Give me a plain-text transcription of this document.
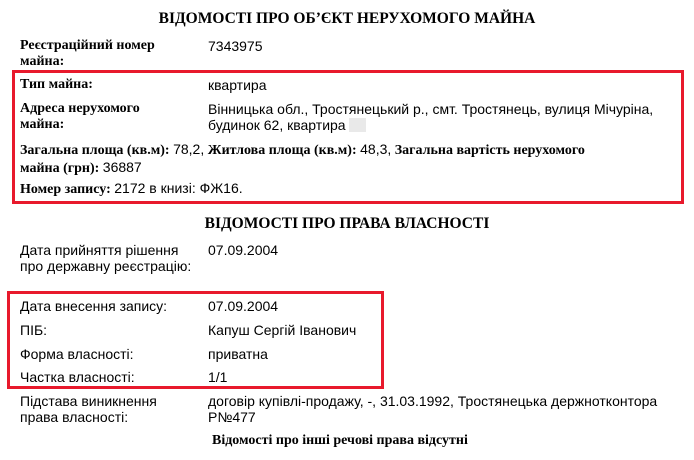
ВІДОМОСТІ ПРО ОБ’ЄКТ НЕРУХОМОГО МАЙНА
Реєстраційний номер майна:
7343975
Тип майна:	квартира
Адреса нерухомого майна:
Вінницька обл., Тростянецький р., смт. Тростянець, вулиця Мічуріна,
будинок 62, квартира
Загальна площа (кв.м): 78,2, Житлова площа (кв.м): 48,3, Загальна вартість нерухомого
майна (грн): 36887
Номер запису: 2172 в книзі: ФЖ16.
ВІДОМОСТІ ПРО ПРАВА ВЛАСНОСТІ
Дата прийняття рішення про державну реєстрацію:
07.09.2004
Дата внесення запису:	07.09.2004
ПІБ:	Капуш Сергій Іванович
Форма власності:	приватна
Частка власності:	1/1
Підстава виникнення права власності:
договір купівлі-продажу, -, 31.03.1992, Тростянецька держнотконтора
Р№477
Відомості про інші речові права відсутні
